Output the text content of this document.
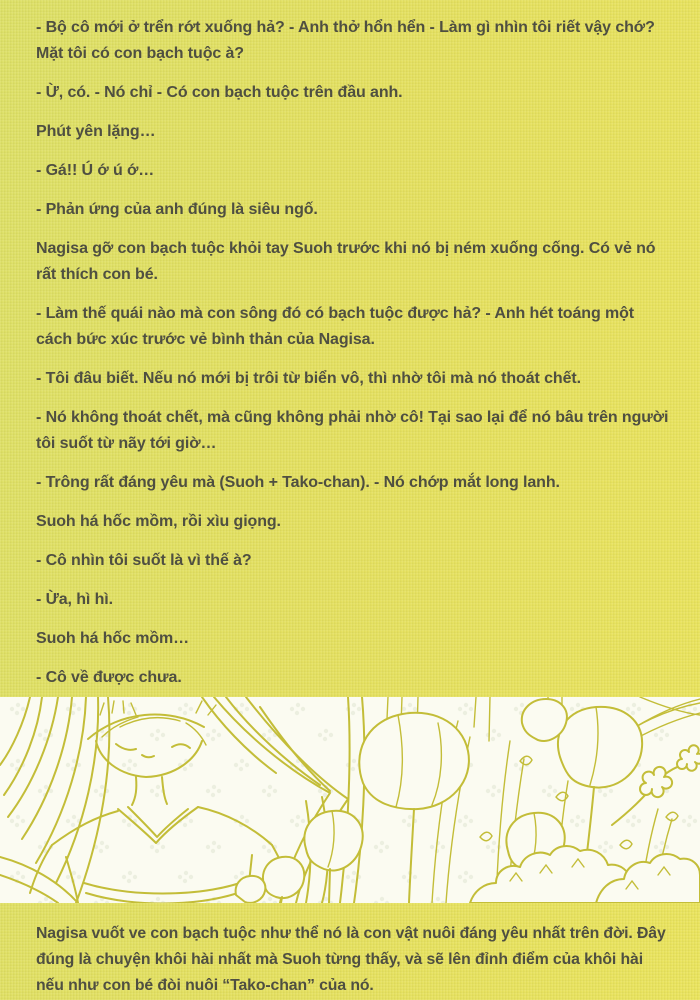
- Bộ cô mới ở trển rớt xuống hả? - Anh thở hổn hển - Làm gì nhìn tôi riết vậy chớ? Mặt tôi có con bạch tuộc à?

- Ừ, có. - Nó chỉ - Có con bạch tuộc trên đầu anh.

Phút yên lặng…

- Gá!! Ú ớ ú ớ…

- Phản ứng của anh đúng là siêu ngố.

Nagisa gỡ con bạch tuộc khỏi tay Suoh trước khi nó bị ném xuống cống. Có vẻ nó rất thích con bé.

- Làm thế quái nào mà con sông đó có bạch tuộc được hả? - Anh hét toáng một cách bức xúc trước vẻ bình thản của Nagisa.

- Tôi đâu biết. Nếu nó mới bị trôi từ biển vô, thì nhờ tôi mà nó thoát chết.

- Nó không thoát chết, mà cũng không phải nhờ cô! Tại sao lại để nó bâu trên người tôi suốt từ nãy tới giờ…

- Trông rất đáng yêu mà (Suoh + Tako-chan). - Nó chớp mắt long lanh.

Suoh há hốc mồm, rồi xìu giọng.

- Cô nhìn tôi suốt là vì thế à?

- Ừa, hì hì.

Suoh há hốc mồm…

- Cô về được chưa.

Nagisa vuốt ve con bạch tuộc như thể nó là con vật nuôi đáng yêu nhất trên đời. Đây đúng là chuyện khôi hài nhất mà Suoh từng thấy, và sẽ lên đỉnh điểm của khôi hài nếu như con bé đòi nuôi “Tako-chan” của nó.
